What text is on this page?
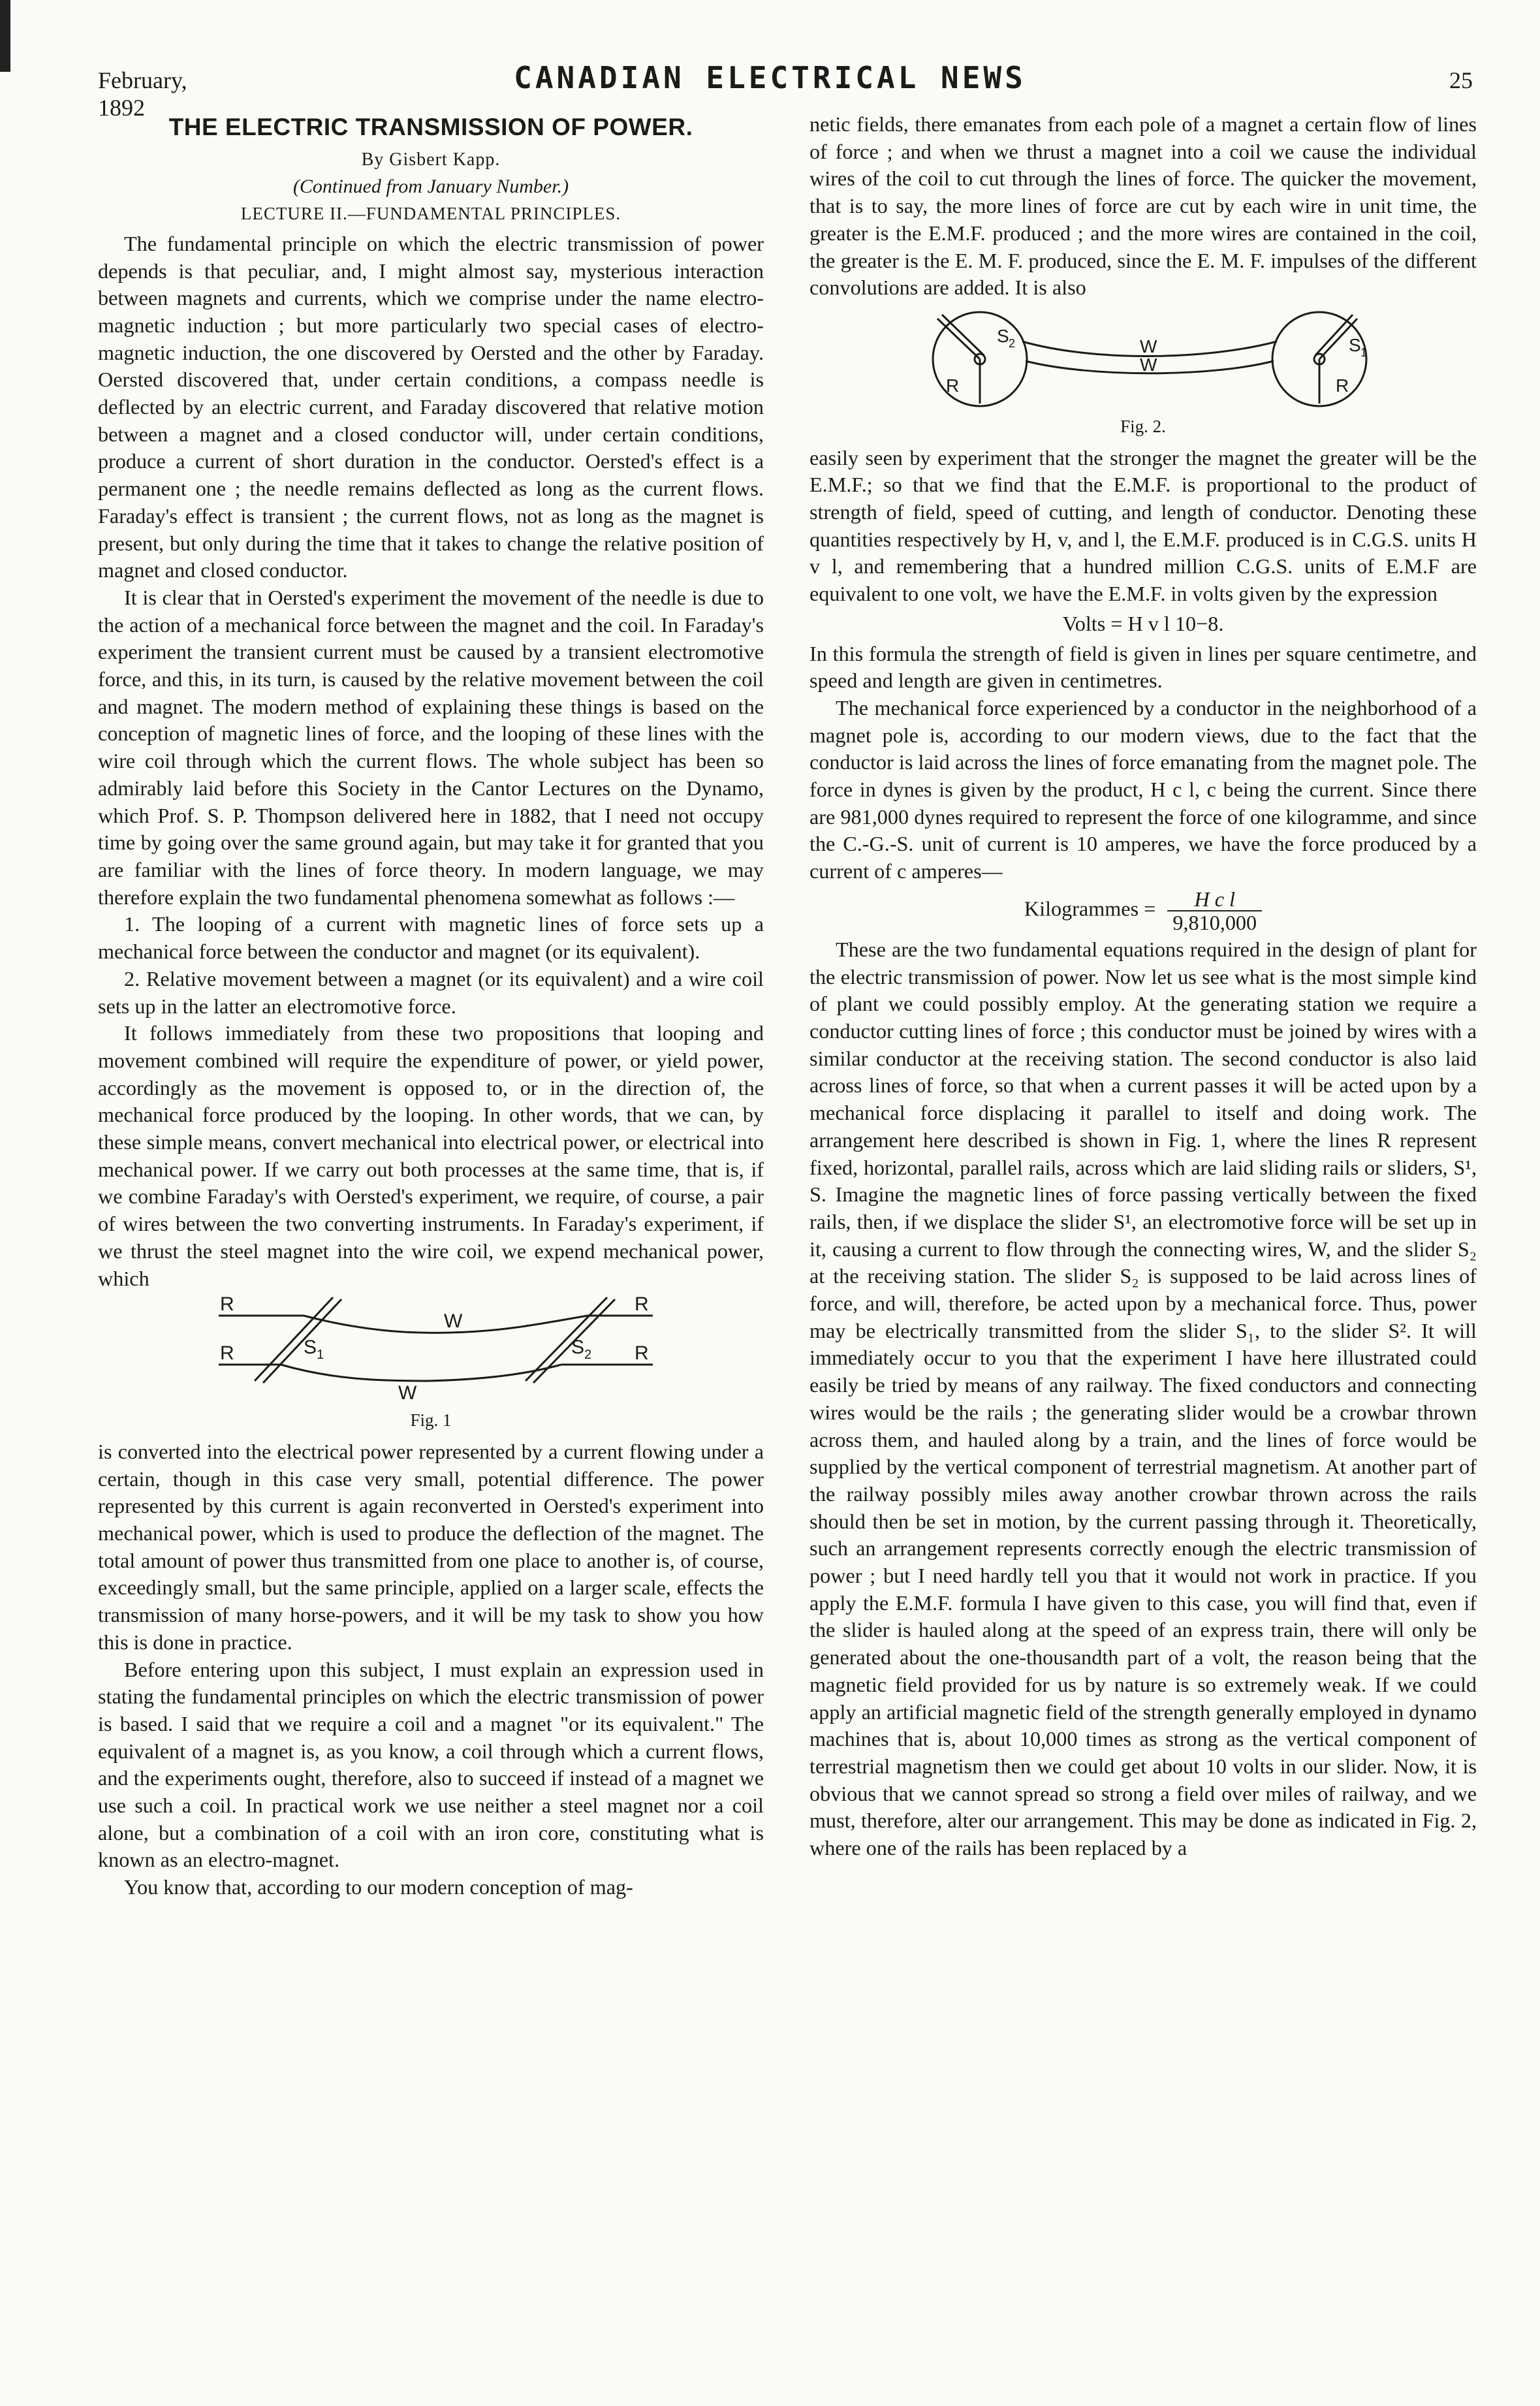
February, 1892
CANADIAN ELECTRICAL NEWS	25
THE ELECTRIC TRANSMISSION OF POWER.
By Gisbert Kapp.
(Continued from January Number.)
LECTURE II.—FUNDAMENTAL PRINCIPLES.

The fundamental principle on which the electric transmission of power depends is that peculiar, and, I might almost say, mysterious interaction between magnets and currents, which we comprise under the name electro-magnetic induction ; but more particularly two special cases of electro-magnetic induction, the one discovered by Oersted and the other by Faraday. Oersted discovered that, under certain conditions, a compass needle is deflected by an electric current, and Faraday discovered that relative motion between a magnet and a closed conductor will, under certain conditions, produce a current of short duration in the conductor. Oersted's effect is a permanent one ; the needle remains deflected as long as the current flows. Faraday's effect is transient ; the current flows, not as long as the magnet is present, but only during the time that it takes to change the relative position of magnet and closed conductor.

It is clear that in Oersted's experiment the movement of the needle is due to the action of a mechanical force between the magnet and the coil. In Faraday's experiment the transient current must be caused by a transient electromotive force, and this, in its turn, is caused by the relative movement between the coil and magnet. The modern method of explaining these things is based on the conception of magnetic lines of force, and the looping of these lines with the wire coil through which the current flows. The whole subject has been so admirably laid before this Society in the Cantor Lectures on the Dynamo, which Prof. S. P. Thompson delivered here in 1882, that I need not occupy time by going over the same ground again, but may take it for granted that you are familiar with the lines of force theory. In modern language, we may therefore explain the two fundamental phenomena somewhat as follows :—

1. The looping of a current with magnetic lines of force sets up a mechanical force between the conductor and magnet (or its equivalent).

2. Relative movement between a magnet (or its equivalent) and a wire coil sets up in the latter an electromotive force.

It follows immediately from these two propositions that looping and movement combined will require the expenditure of power, or yield power, accordingly as the movement is opposed to, or in the direction of, the mechanical force produced by the looping. In other words, that we can, by these simple means, convert mechanical into electrical power, or electrical into mechanical power. If we carry out both processes at the same time, that is, if we combine Faraday's with Oersted's experiment, we require, of course, a pair of wires between the two converting instruments. In Faraday's experiment, if we thrust the steel magnet into the wire coil, we expend mechanical power, which

R
R
R
R
W
W
S 1	S 2
Fig. 1

is converted into the electrical power represented by a current flowing under a certain, though in this case very small, potential difference. The power represented by this current is again reconverted in Oersted's experiment into mechanical power, which is used to produce the deflection of the magnet. The total amount of power thus transmitted from one place to another is, of course, exceedingly small, but the same principle, applied on a larger scale, effects the transmission of many horse-powers, and it will be my task to show you how this is done in practice.

Before entering upon this subject, I must explain an expression used in stating the fundamental principles on which the electric transmission of power is based. I said that we require a coil and a magnet "or its equivalent." The equivalent of a magnet is, as you know, a coil through which a current flows, and the experiments ought, therefore, also to succeed if instead of a magnet we use such a coil. In practical work we use neither a steel magnet nor a coil alone, but a combination of a coil with an iron core, constituting what is known as an electro-magnet.

You know that, according to our modern conception of mag-

netic fields, there emanates from each pole of a magnet a certain flow of lines of force ; and when we thrust a magnet into a coil we cause the individual wires of the coil to cut through the lines of force. The quicker the movement, that is to say, the more lines of force are cut by each wire in unit time, the greater is the E.M.F. produced ; and the more wires are contained in the coil, the greater is the E. M. F. produced, since the E. M. F. impulses of the different convolutions are added. It is also

S 2	S 1
W
W
R	R
Fig. 2.

easily seen by experiment that the stronger the magnet the greater will be the E.M.F.; so that we find that the E.M.F. is proportional to the product of strength of field, speed of cutting, and length of conductor. Denoting these quantities respectively by H, v, and l, the E.M.F. produced is in C.G.S. units H v l, and remembering that a hundred million C.G.S. units of E.M.F are equivalent to one volt, we have the E.M.F. in volts given by the expression

Volts = H v l 10−8.

In this formula the strength of field is given in lines per square centimetre, and speed and length are given in centimetres.

The mechanical force experienced by a conductor in the neighborhood of a magnet pole is, according to our modern views, due to the fact that the conductor is laid across the lines of force emanating from the magnet pole. The force in dynes is given by the product, H c l, c being the current. Since there are 981,000 dynes required to represent the force of one kilogramme, and since the C.-G.-S. unit of current is 10 amperes, we have the force produced by a current of c amperes—

Kilogrammes = $\frac{\text{H c l}}{9,810,000}$

These are the two fundamental equations required in the design of plant for the electric transmission of power. Now let us see what is the most simple kind of plant we could possibly employ. At the generating station we require a conductor cutting lines of force ; this conductor must be joined by wires with a similar conductor at the receiving station. The second conductor is also laid across lines of force, so that when a current passes it will be acted upon by a mechanical force displacing it parallel to itself and doing work. The arrangement here described is shown in Fig. 1, where the lines R represent fixed, horizontal, parallel rails, across which are laid sliding rails or sliders, S¹, S. Imagine the magnetic lines of force passing vertically between the fixed rails, then, if we displace the slider S¹, an electromotive force will be set up in it, causing a current to flow through the connecting wires, W, and the slider S₂ at the receiving station. The slider S₂ is supposed to be laid across lines of force, and will, therefore, be acted upon by a mechanical force. Thus, power may be electrically transmitted from the slider S₁, to the slider S². It will immediately occur to you that the experiment I have here illustrated could easily be tried by means of any railway. The fixed conductors and connecting wires would be the rails ; the generating slider would be a crowbar thrown across them, and hauled along by a train, and the lines of force would be supplied by the vertical component of terrestrial magnetism. At another part of the railway possibly miles away another crowbar thrown across the rails should then be set in motion, by the current passing through it. Theoretically, such an arrangement represents correctly enough the electric transmission of power ; but I need hardly tell you that it would not work in practice. If you apply the E.M.F. formula I have given to this case, you will find that, even if the slider is hauled along at the speed of an express train, there will only be generated about the one-thousandth part of a volt, the reason being that the magnetic field provided for us by nature is so extremely weak. If we could apply an artificial magnetic field of the strength generally employed in dynamo machines that is, about 10,000 times as strong as the vertical component of terrestrial magnetism then we could get about 10 volts in our slider. Now, it is obvious that we cannot spread so strong a field over miles of railway, and we must, therefore, alter our arrangement. This may be done as indicated in Fig. 2, where one of the rails has been replaced by a
